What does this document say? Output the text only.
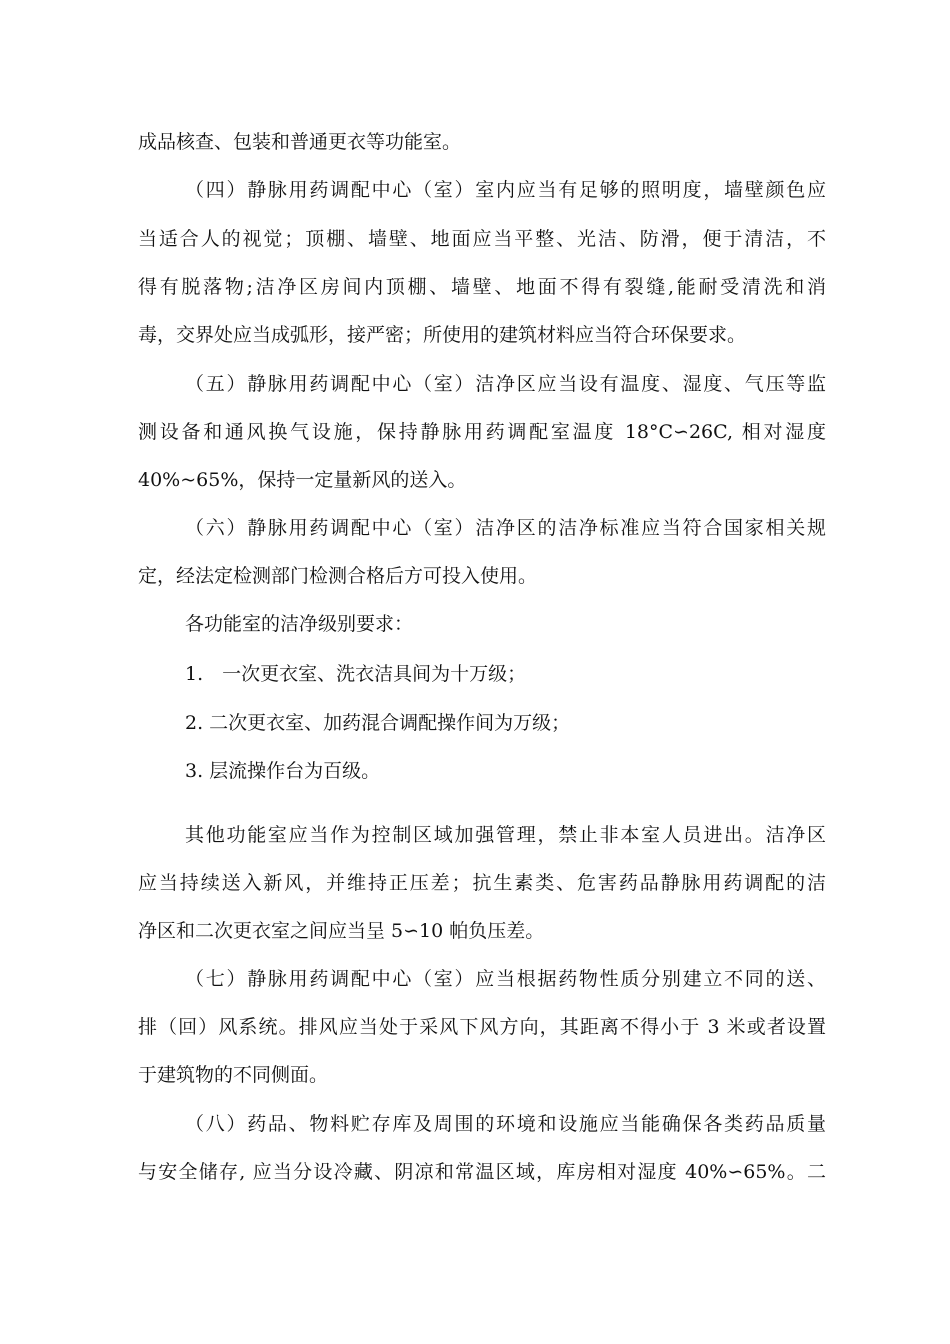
成品核查、包装和普通更衣等功能室。
（四）静脉用药调配中心（室）室内应当有足够的照明度，墙壁颜色应
当适合人的视觉；顶棚、墙壁、地面应当平整、光洁、防滑，便于清洁，不
得有脱落物;洁净区房间内顶棚、墙壁、地面不得有裂缝,能耐受清洗和消
毒，交界处应当成弧形，接严密；所使用的建筑材料应当符合环保要求。
（五）静脉用药调配中心（室）洁净区应当设有温度、湿度、气压等监
测设备和通风换气设施，保持静脉用药调配室温度 18°C∽26C, 相对湿度
40%~65%，保持一定量新风的送入。
（六）静脉用药调配中心（室）洁净区的洁净标准应当符合国家相关规
定，经法定检测部门检测合格后方可投入使用。
各功能室的洁净级别要求：
1.　一次更衣室、洗衣洁具间为十万级；
2. 二次更衣室、加药混合调配操作间为万级；
3. 层流操作台为百级。
其他功能室应当作为控制区域加强管理，禁止非本室人员进出。洁净区
应当持续送入新风，并维持正压差；抗生素类、危害药品静脉用药调配的洁
净区和二次更衣室之间应当呈 5∽10 帕负压差。
（七）静脉用药调配中心（室）应当根据药物性质分别建立不同的送、
排（回）风系统。排风应当处于采风下风方向，其距离不得小于 3 米或者设置
于建筑物的不同侧面。
（八）药品、物料贮存库及周围的环境和设施应当能确保各类药品质量
与安全储存, 应当分设冷藏、阴凉和常温区域，库房相对湿度 40%∽65%。二
